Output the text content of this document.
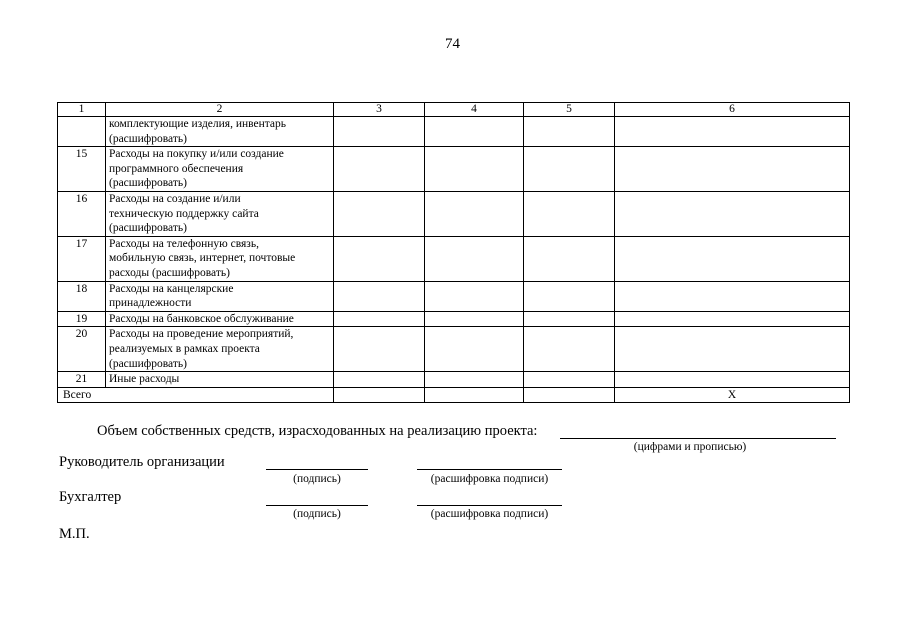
74
1	2	3	4	5	6

	комплектующие изделия, инвентарь
(расшифровать)				

15	Расходы на покупку и/или создание
программного обеспечения
(расшифровать)				

16	Расходы на создание и/или
техническую поддержку сайта
(расшифровать)				

17	Расходы на телефонную связь,
мобильную связь, интернет, почтовые
расходы (расшифровать)				

18	Расходы на канцелярские
принадлежности				

19	Расходы на банковское обслуживание				

20	Расходы на проведение мероприятий,
реализуемых в рамках проекта
(расшифровать)				

21	Иные расходы				

Всего					X
Объем собственных средств, израсходованных на реализацию проекта:
(цифрами и прописью)
Руководитель организации
(подпись)	(расшифровка подписи)
Бухгалтер
(подпись)	(расшифровка подписи)
М.П.
